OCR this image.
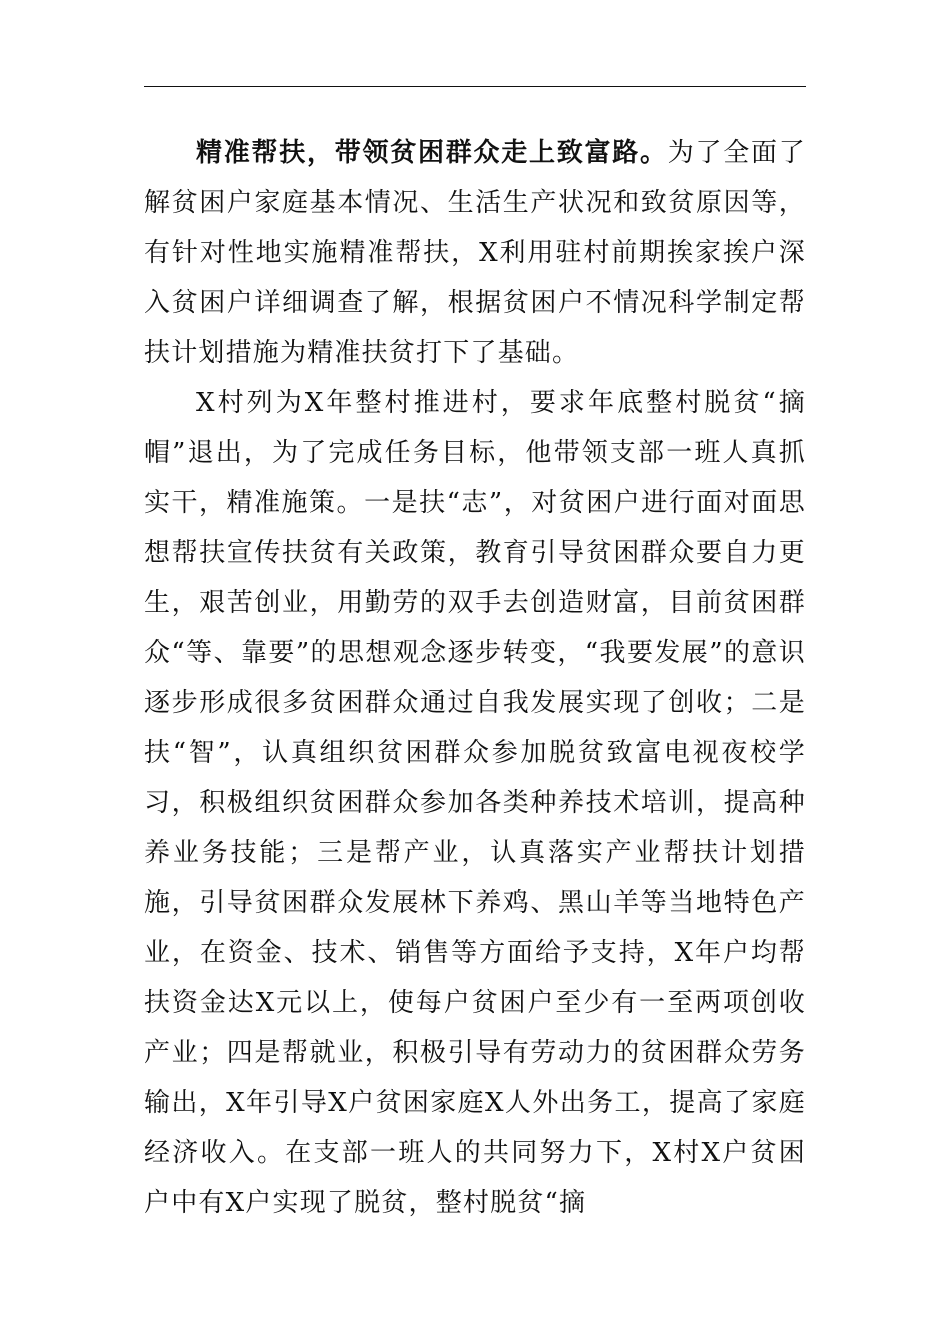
精准帮扶，带领贫困群众走上致富路。为了全面了解贫困户家庭基本情况、生活生产状况和致贫原因等，有针对性地实施精准帮扶，X利用驻村前期挨家挨户深入贫困户详细调查了解，根据贫困户不情况科学制定帮扶计划措施为精准扶贫打下了基础。

X村列为X年整村推进村，要求年底整村脱贫“摘帽”退出，为了完成任务目标，他带领支部一班人真抓实干，精准施策。一是扶“志”，对贫困户进行面对面思想帮扶宣传扶贫有关政策，教育引导贫困群众要自力更生，艰苦创业，用勤劳的双手去创造财富，目前贫困群众“等、靠要”的思想观念逐步转变，“我要发展”的意识逐步形成很多贫困群众通过自我发展实现了创收；二是扶“智”，认真组织贫困群众参加脱贫致富电视夜校学习，积极组织贫困群众参加各类种养技术培训，提高种养业务技能；三是帮产业，认真落实产业帮扶计划措施，引导贫困群众发展林下养鸡、黑山羊等当地特色产业，在资金、技术、销售等方面给予支持，X年户均帮扶资金达X元以上，使每户贫困户至少有一至两项创收产业；四是帮就业，积极引导有劳动力的贫困群众劳务输出，X年引导X户贫困家庭X人外出务工，提高了家庭经济收入。在支部一班人的共同努力下，X村X户贫困户中有X户实现了脱贫，整村脱贫“摘
